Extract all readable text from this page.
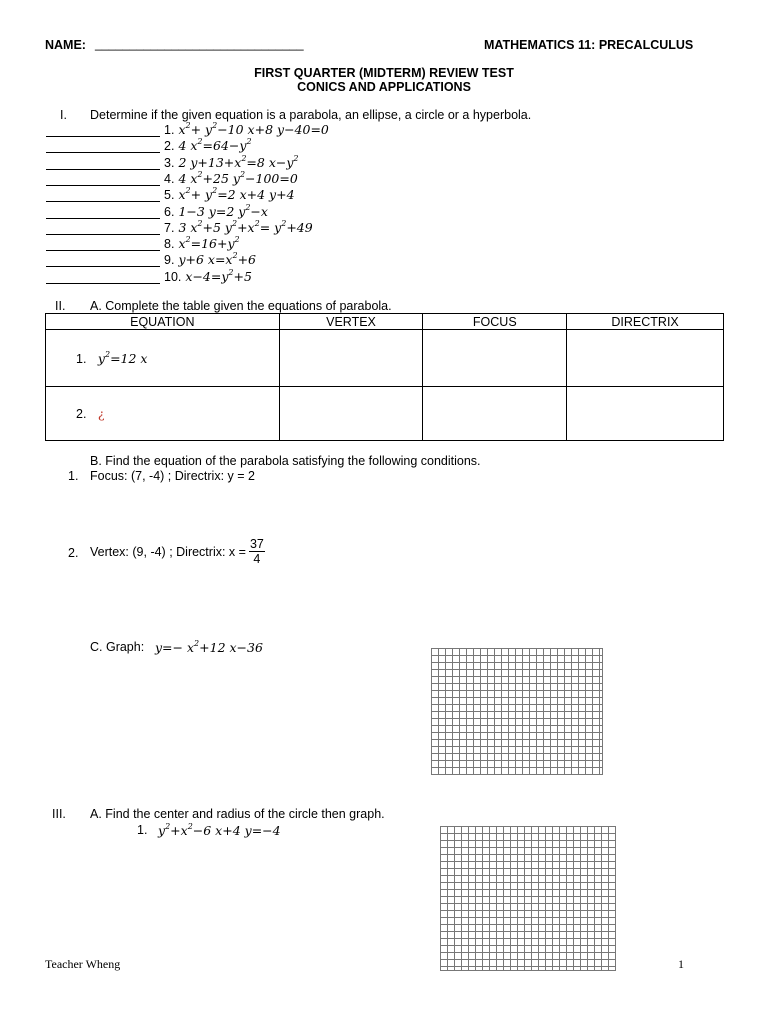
NAME: ______________________________	MATHEMATICS 11: PRECALCULUS
FIRST QUARTER (MIDTERM) REVIEW TEST
CONICS AND APPLICATIONS
I. Determine if the given equation is a parabola, an ellipse, a circle or a hyperbola.
1. $x^2+ y^2-10$ x+8 y−40=0
2. 4 $x^2=64-y^2$
3. 2 $y+13+x^2=8$ $x-y^2$
4. 4 $x^2+25$ $y^2-100=0$
5. $x^2+ y^2=2$ x+4 y+4
6. 1−3 y=2 $y^2-x$
7. 3 $x^2+5$ $y^2+x^2= y^2+49$
8. $x^2=16+y^2$
9. y+6 $x=x^2+6$
10. $x-4=y^2+5$
II. A. Complete the table given the equations of parabola.
EQUATION	VERTEX	FOCUS	DIRECTRIX
1. $y^2=12$ x			
2. ¿			
B. Find the equation of the parabola satisfying the following conditions.
1. Focus: (7, -4) ; Directrix: y = 2
2. Vertex: (9, -4) ; Directrix: $x = \frac{37}{4}$
C. Graph: $y=- x^2+12$ x−36
III. A. Find the center and radius of the circle then graph.
1. $y^2+x^2-6$ x+4 y=−4
Teacher Wheng	1
